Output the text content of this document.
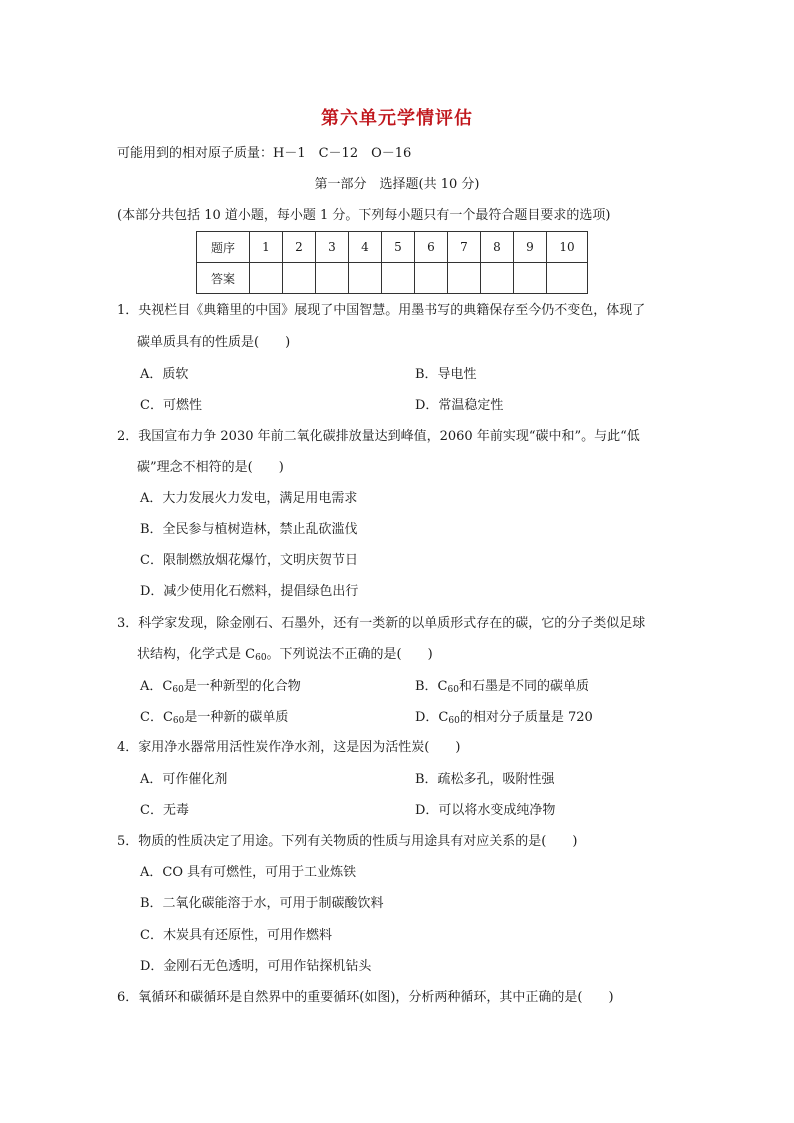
第六单元学情评估
可能用到的相对原子质量：H－1　C－12　O－16
第一部分　选择题(共 10 分)
(本部分共包括 10 道小题，每小题 1 分。下列每小题只有一个最符合题目要求的选项)
题序	1	2	3	4	5	6	7	8	9	10
答案										
1．央视栏目《典籍里的中国》展现了中国智慧。用墨书写的典籍保存至今仍不变色，体现了
碳单质具有的性质是(　　)
A．质软	B．导电性
C．可燃性	D．常温稳定性
2．我国宣布力争 2030 年前二氧化碳排放量达到峰值，2060 年前实现“碳中和”。与此“低
碳”理念不相符的是(　　)
A．大力发展火力发电，满足用电需求
B．全民参与植树造林，禁止乱砍滥伐
C．限制燃放烟花爆竹，文明庆贺节日
D．减少使用化石燃料，提倡绿色出行
3．科学家发现，除金刚石、石墨外，还有一类新的以单质形式存在的碳，它的分子类似足球
状结构，化学式是 $C_{60}$。下列说法不正确的是(　　)
A．$C_{60}$是一种新型的化合物	B．$C_{60}$和石墨是不同的碳单质
C．$C_{60}$是一种新的碳单质	D．$C_{60}$的相对分子质量是 720
4．家用净水器常用活性炭作净水剂，这是因为活性炭(　　)
A．可作催化剂	B．疏松多孔，吸附性强
C．无毒	D．可以将水变成纯净物
5．物质的性质决定了用途。下列有关物质的性质与用途具有对应关系的是(　　)
A．CO 具有可燃性，可用于工业炼铁
B．二氧化碳能溶于水，可用于制碳酸饮料
C．木炭具有还原性，可用作燃料
D．金刚石无色透明，可用作钻探机钻头
6．氧循环和碳循环是自然界中的重要循环(如图)，分析两种循环，其中正确的是(　　)
